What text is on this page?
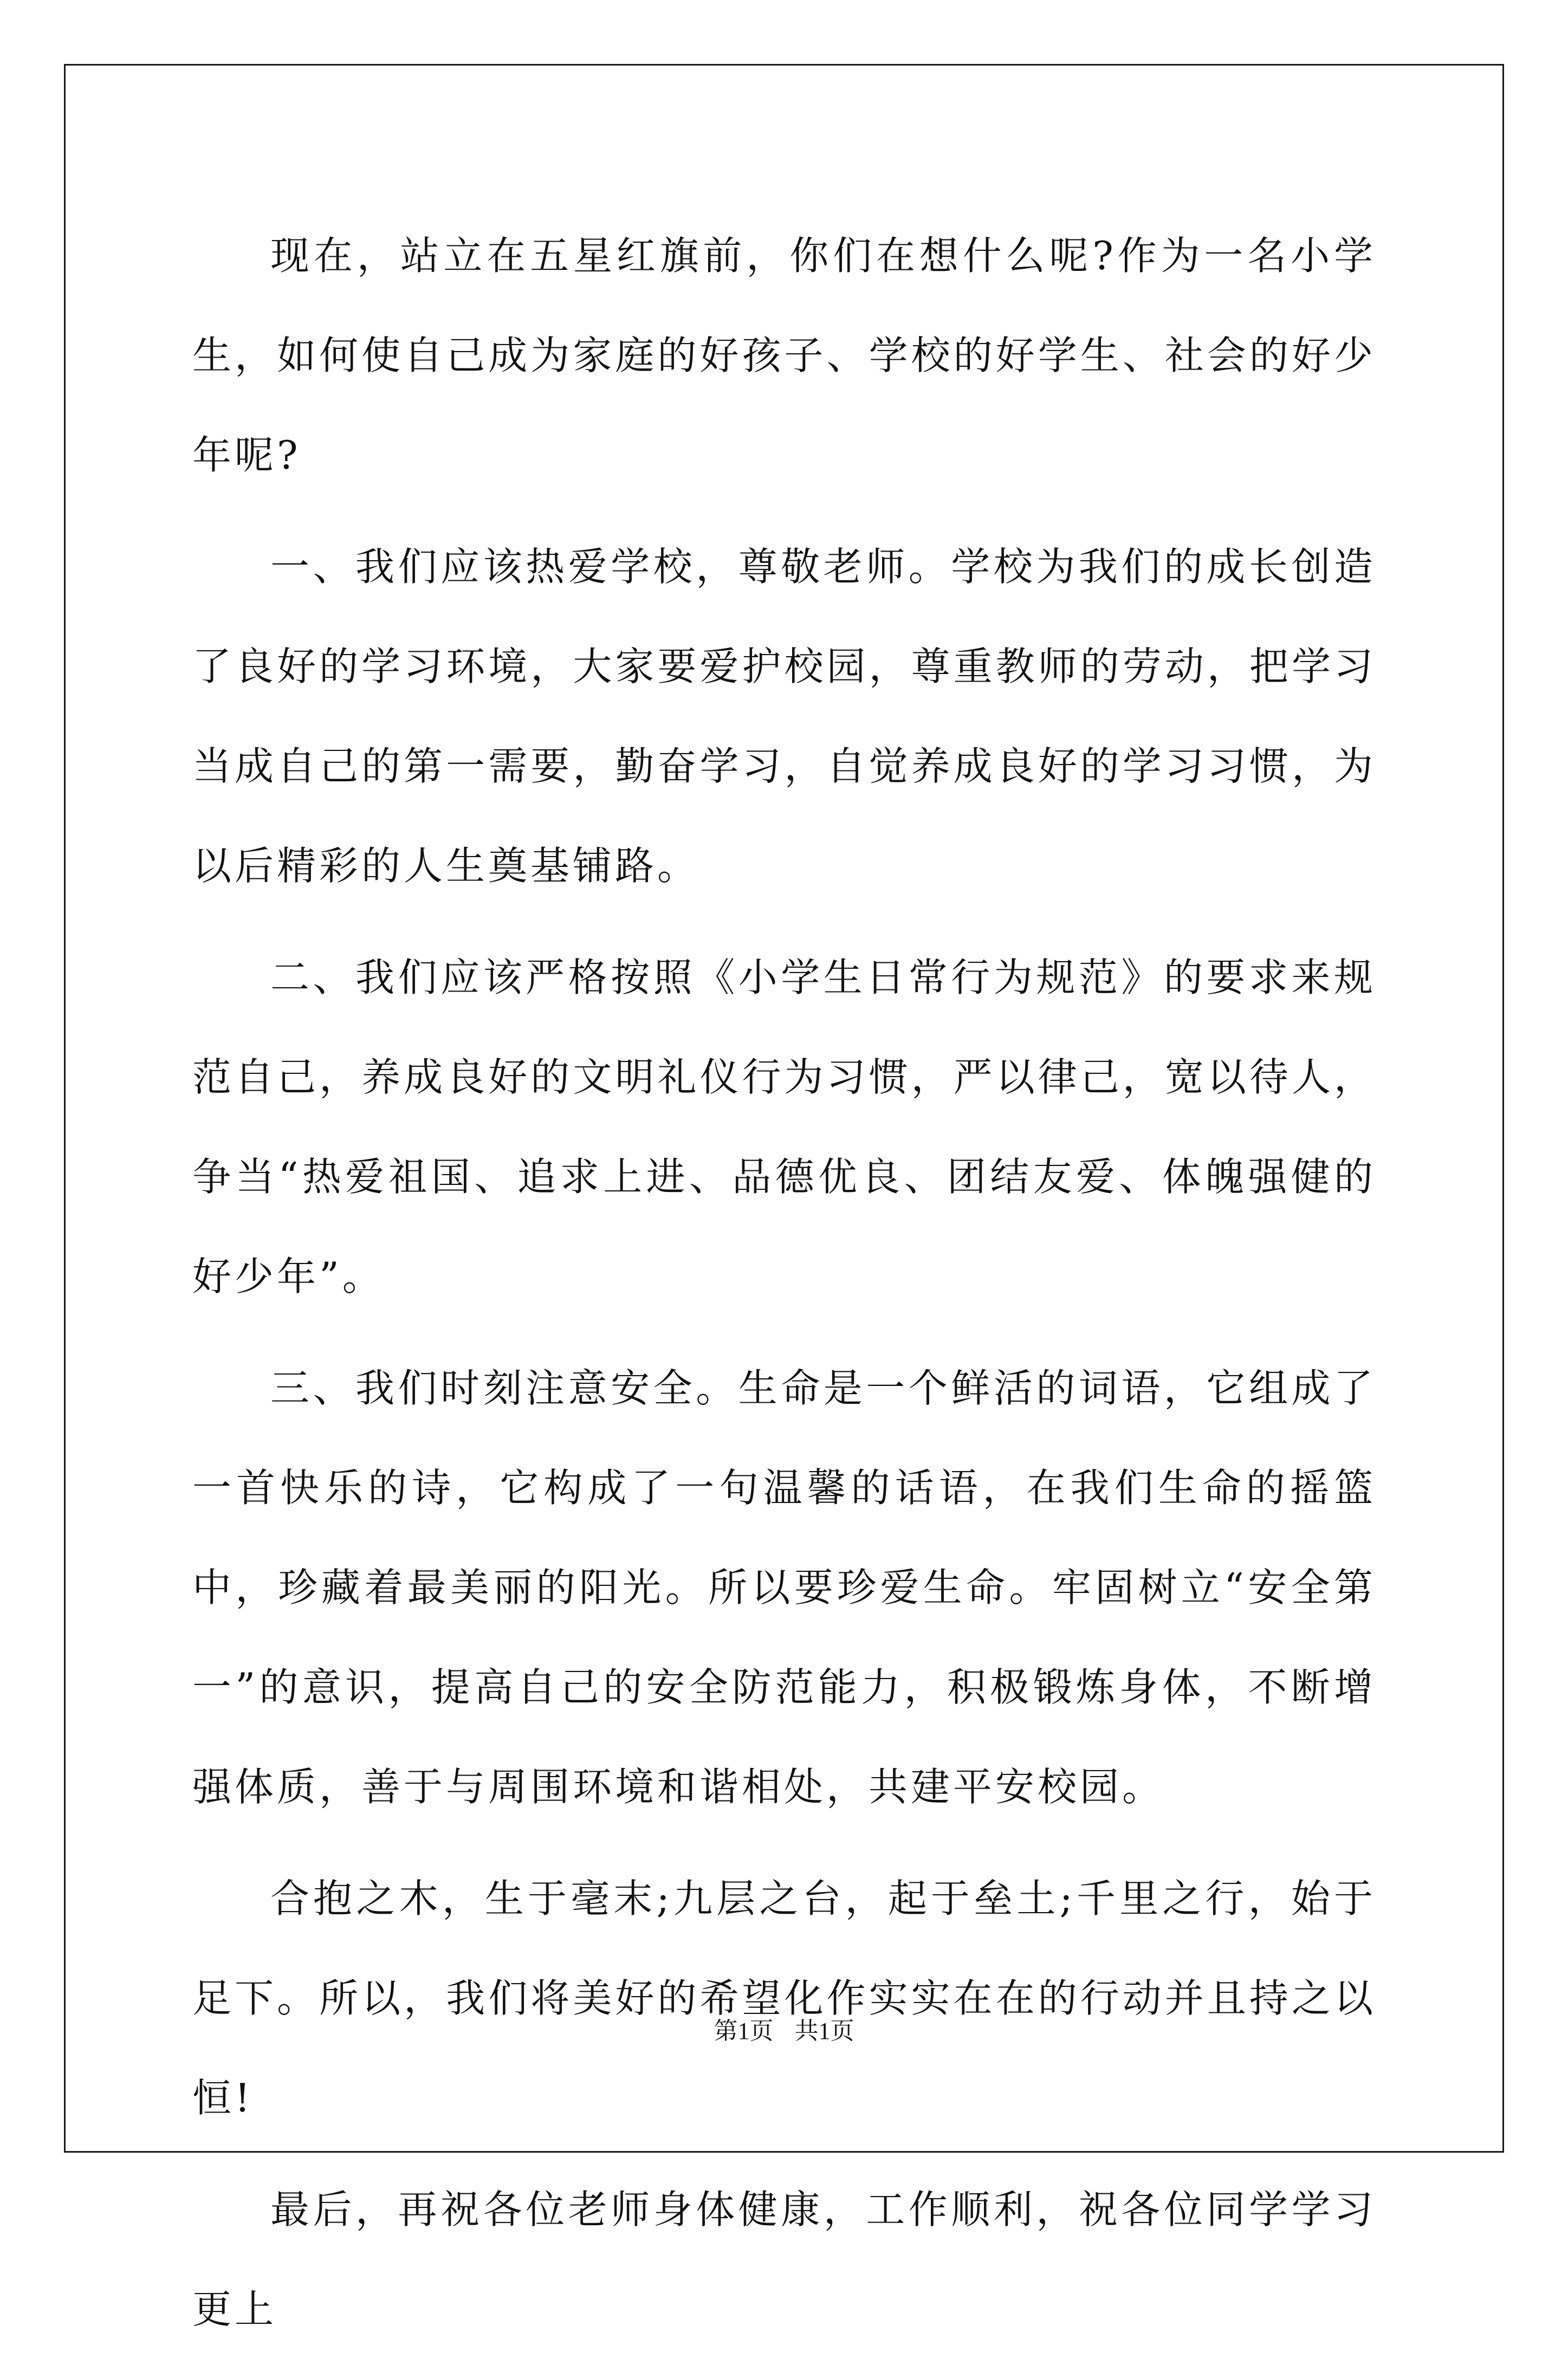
现在，站立在五星红旗前，你们在想什么呢?作为一名小学生，如何使自己成为家庭的好孩子、学校的好学生、社会的好少年呢?

一、我们应该热爱学校，尊敬老师。学校为我们的成长创造了良好的学习环境，大家要爱护校园，尊重教师的劳动，把学习当成自己的第一需要，勤奋学习，自觉养成良好的学习习惯，为以后精彩的人生奠基铺路。

二、我们应该严格按照《小学生日常行为规范》的要求来规范自己，养成良好的文明礼仪行为习惯，严以律己，宽以待人，争当“热爱祖国、追求上进、品德优良、团结友爱、体魄强健的好少年”。

三、我们时刻注意安全。生命是一个鲜活的词语，它组成了一首快乐的诗，它构成了一句温馨的话语，在我们生命的摇篮中，珍藏着最美丽的阳光。所以要珍爱生命。牢固树立“安全第一”的意识，提高自己的安全防范能力，积极锻炼身体，不断增强体质，善于与周围环境和谐相处，共建平安校园。

合抱之木，生于毫末;九层之台，起于垒土;千里之行，始于足下。所以，我们将美好的希望化作实实在在的行动并且持之以恒!

最后，再祝各位老师身体健康，工作顺利，祝各位同学学习更上

第1页 共1页
